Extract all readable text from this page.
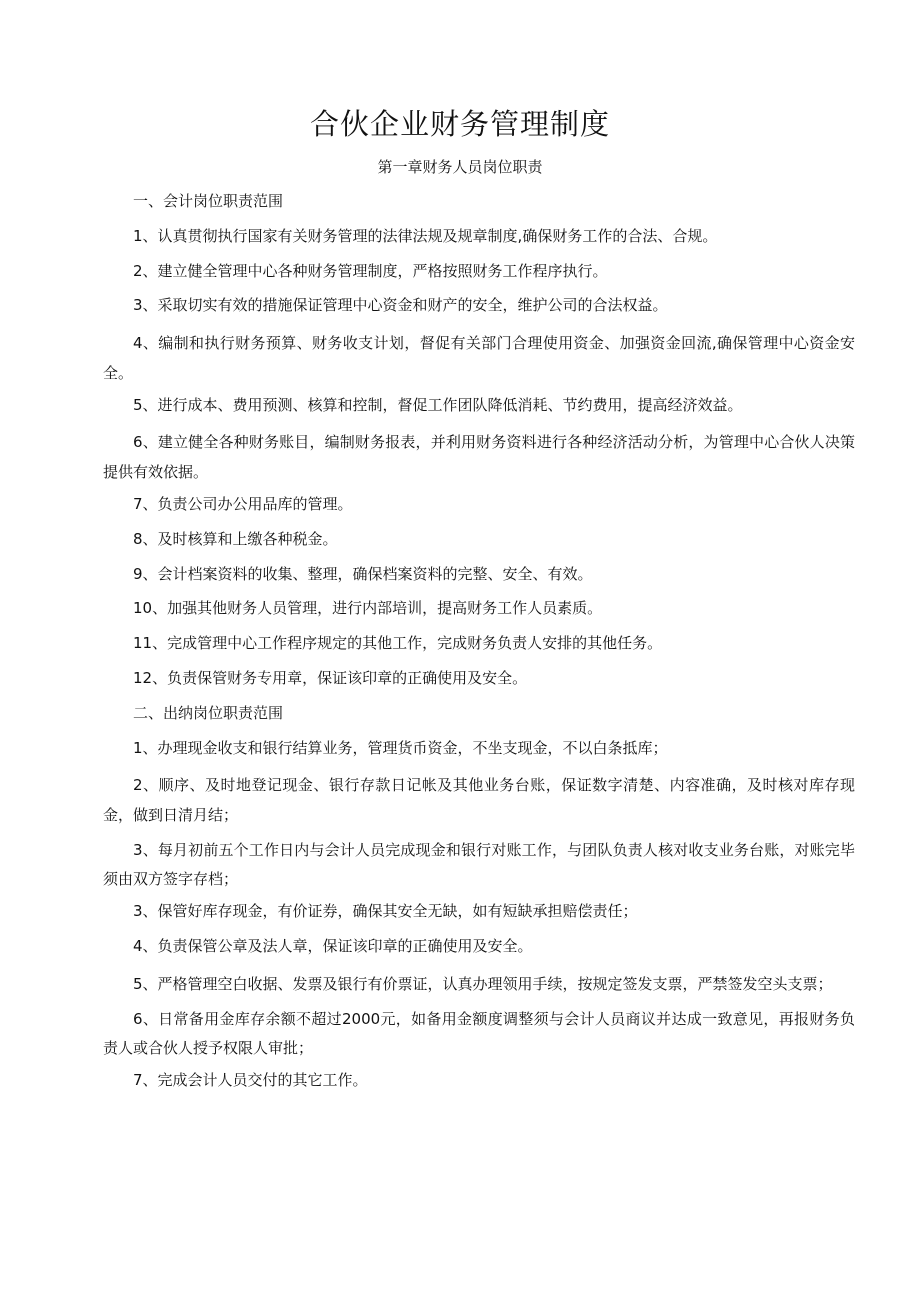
合伙企业财务管理制度
第一章财务人员岗位职责

一、会计岗位职责范围

1、认真贯彻执行国家有关财务管理的法律法规及规章制度,确保财务工作的合法、合规。

2、建立健全管理中心各种财务管理制度，严格按照财务工作程序执行。

3、采取切实有效的措施保证管理中心资金和财产的安全，维护公司的合法权益。

4、编制和执行财务预算、财务收支计划，督促有关部门合理使用资金、加强资金回流,确保管理中心资金安全。

5、进行成本、费用预测、核算和控制，督促工作团队降低消耗、节约费用，提高经济效益。

6、建立健全各种财务账目，编制财务报表，并利用财务资料进行各种经济活动分析，为管理中心合伙人决策提供有效依据。

7、负责公司办公用品库的管理。

8、及时核算和上缴各种税金。

9、会计档案资料的收集、整理，确保档案资料的完整、安全、有效。

10、加强其他财务人员管理，进行内部培训，提高财务工作人员素质。

11、完成管理中心工作程序规定的其他工作，完成财务负责人安排的其他任务。

12、负责保管财务专用章，保证该印章的正确使用及安全。

二、出纳岗位职责范围

1、办理现金收支和银行结算业务，管理货币资金，不坐支现金，不以白条抵库；

2、顺序、及时地登记现金、银行存款日记帐及其他业务台账，保证数字清楚、内容准确，及时核对库存现金，做到日清月结；

3、每月初前五个工作日内与会计人员完成现金和银行对账工作，与团队负责人核对收支业务台账，对账完毕须由双方签字存档；

3、保管好库存现金，有价证券，确保其安全无缺，如有短缺承担赔偿责任；

4、负责保管公章及法人章，保证该印章的正确使用及安全。

5、严格管理空白收据、发票及银行有价票证，认真办理领用手续，按规定签发支票，严禁签发空头支票；

6、日常备用金库存余额不超过2000元，如备用金额度调整须与会计人员商议并达成一致意见，再报财务负责人或合伙人授予权限人审批；

7、完成会计人员交付的其它工作。
